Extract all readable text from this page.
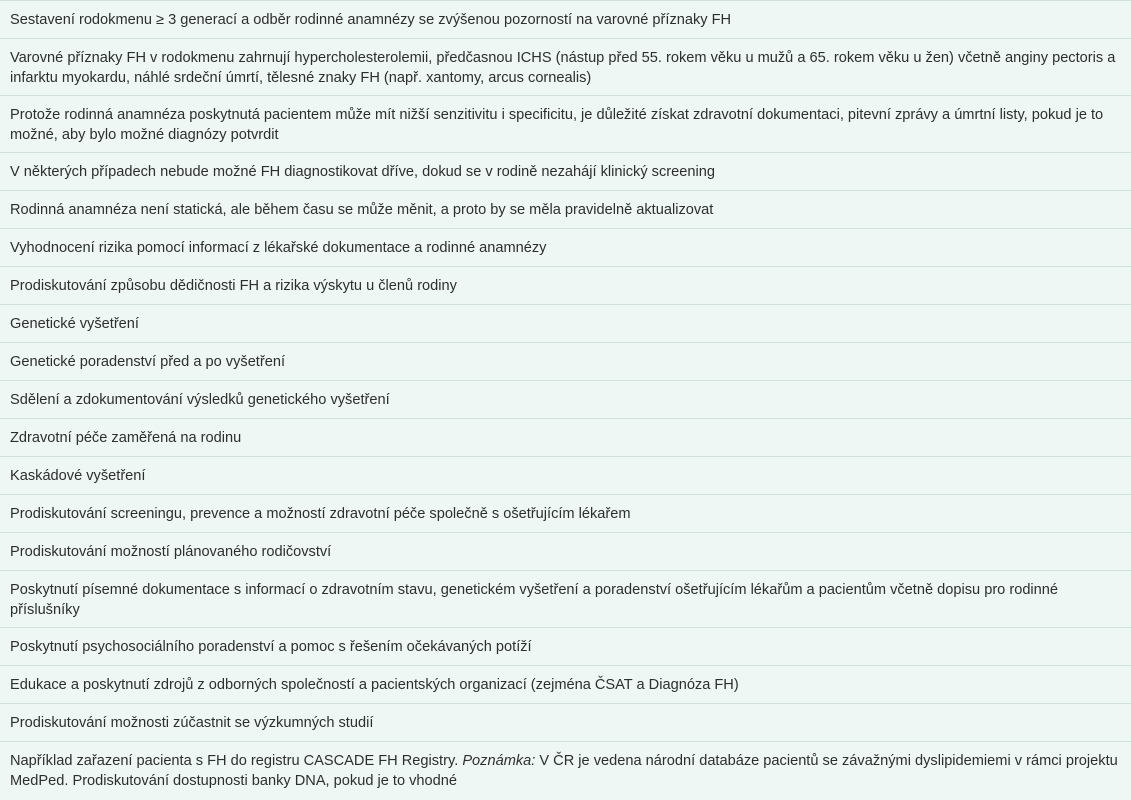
Sestavení rodokmenu ≥ 3 generací a odběr rodinné anamnézy se zvýšenou pozorností na varovné příznaky FH
Varovné příznaky FH v rodokmenu zahrnují hypercholesterolemii, předčasnou ICHS (nástup před 55. rokem věku u mužů a 65. rokem věku u žen) včetně anginy pectoris a infarktu myokardu, náhlé srdeční úmrtí, tělesné znaky FH (např. xantomy, arcus cornealis)
Protože rodinná anamnéza poskytnutá pacientem může mít nižší senzitivitu i specificitu, je důležité získat zdravotní dokumentaci, pitevní zprávy a úmrtní listy, pokud je to možné, aby bylo možné diagnózy potvrdit
V některých případech nebude možné FH diagnostikovat dříve, dokud se v rodině nezahájí klinický screening
Rodinná anamnéza není statická, ale během času se může měnit, a proto by se měla pravidelně aktualizovat
Vyhodnocení rizika pomocí informací z lékařské dokumentace a rodinné anamnézy
Prodiskutování způsobu dědičnosti FH a rizika výskytu u členů rodiny
Genetické vyšetření
Genetické poradenství před a po vyšetření
Sdělení a zdokumentování výsledků genetického vyšetření
Zdravotní péče zaměřená na rodinu
Kaskádové vyšetření
Prodiskutování screeningu, prevence a možností zdravotní péče společně s ošetřujícím lékařem
Prodiskutování možností plánovaného rodičovství
Poskytnutí písemné dokumentace s informací o zdravotním stavu, genetickém vyšetření a poradenství ošetřujícím lékařům a pacientům včetně dopisu pro rodinné příslušníky
Poskytnutí psychosociálního poradenství a pomoc s řešením očekávaných potíží
Edukace a poskytnutí zdrojů z odborných společností a pacientských organizací (zejména ČSAT a Diagnóza FH)
Prodiskutování možnosti zúčastnit se výzkumných studií
Například zařazení pacienta s FH do registru CASCADE FH Registry. Poznámka: V ČR je vedena národní databáze pacientů se závažnými dyslipidemiemi v rámci projektu MedPed. Prodiskutování dostupnosti banky DNA, pokud je to vhodné
